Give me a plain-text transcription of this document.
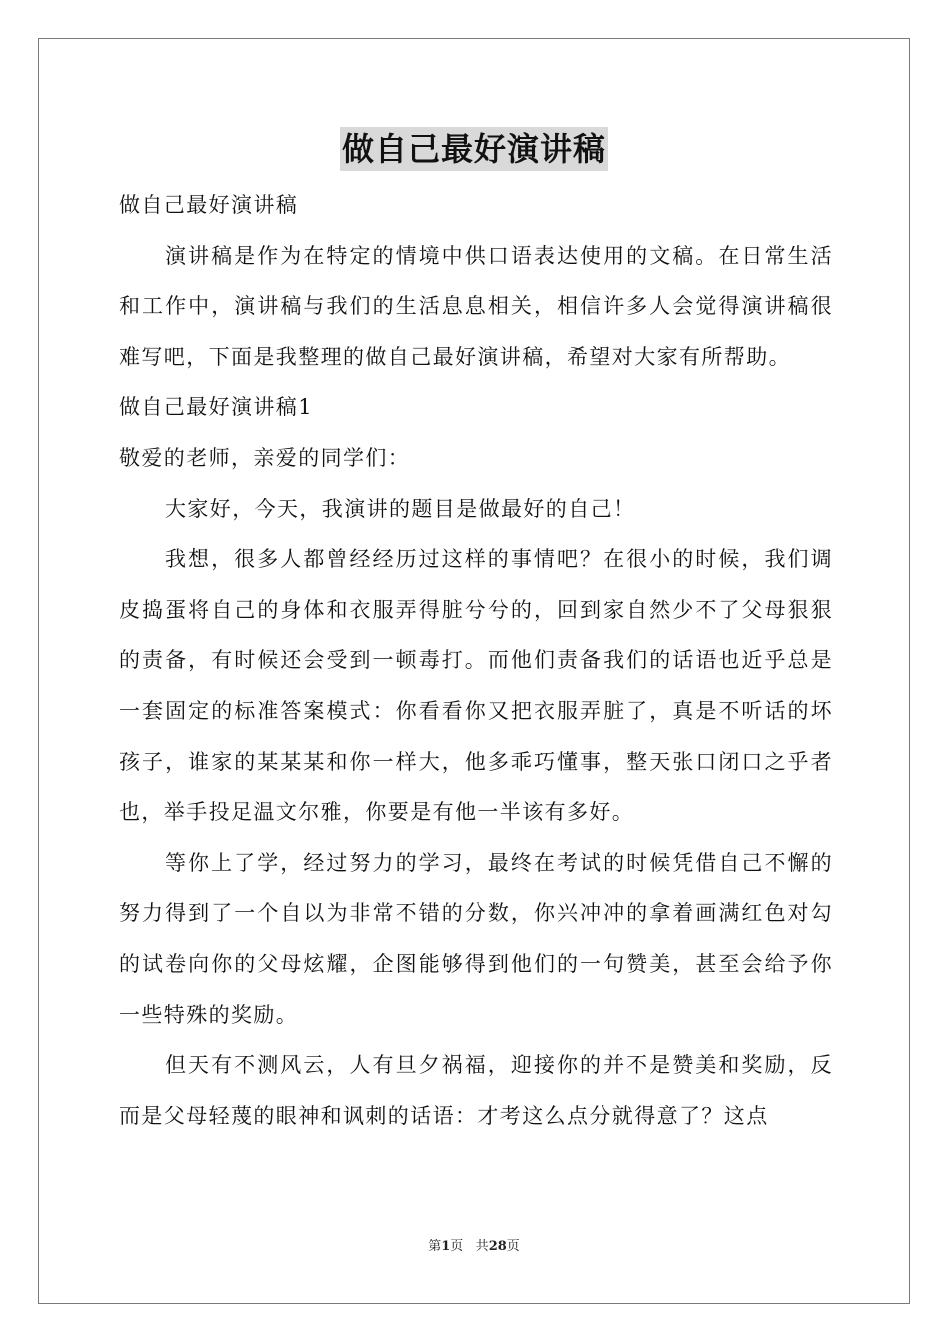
做自己最好演讲稿

做自己最好演讲稿

演讲稿是作为在特定的情境中供口语表达使用的文稿。在日常生活和工作中，演讲稿与我们的生活息息相关，相信许多人会觉得演讲稿很难写吧，下面是我整理的做自己最好演讲稿，希望对大家有所帮助。

做自己最好演讲稿1

敬爱的老师，亲爱的同学们：

大家好，今天，我演讲的题目是做最好的自己！

我想，很多人都曾经经历过这样的事情吧？在很小的时候，我们调皮捣蛋将自己的身体和衣服弄得脏兮兮的，回到家自然少不了父母狠狠的责备，有时候还会受到一顿毒打。而他们责备我们的话语也近乎总是一套固定的标准答案模式：你看看你又把衣服弄脏了，真是不听话的坏孩子，谁家的某某某和你一样大，他多乖巧懂事，整天张口闭口之乎者也，举手投足温文尔雅，你要是有他一半该有多好。

等你上了学，经过努力的学习，最终在考试的时候凭借自己不懈的努力得到了一个自以为非常不错的分数，你兴冲冲的拿着画满红色对勾的试卷向你的父母炫耀，企图能够得到他们的一句赞美，甚至会给予你一些特殊的奖励。

但天有不测风云，人有旦夕祸福，迎接你的并不是赞美和奖励，反而是父母轻蔑的眼神和讽刺的话语：才考这么点分就得意了？这点

第1页 共28页
